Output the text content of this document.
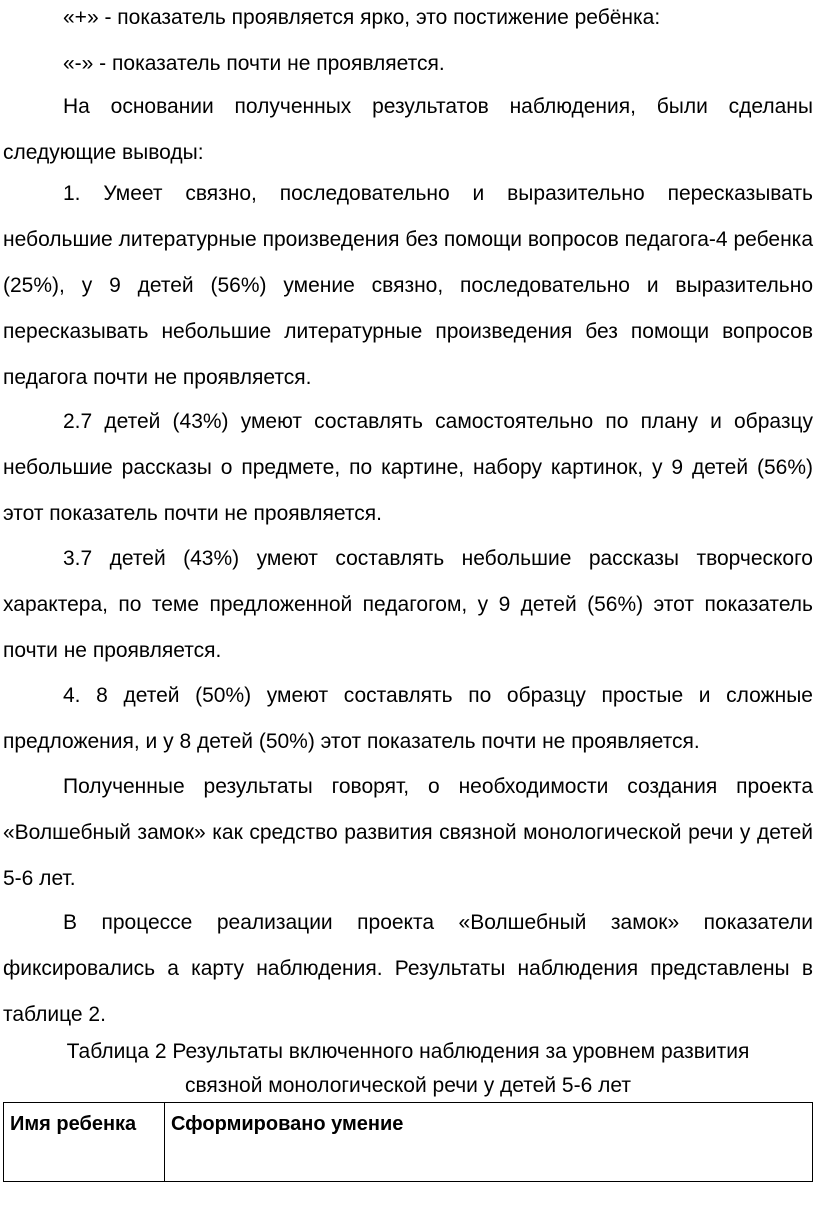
«+» - показатель проявляется ярко, это постижение ребёнка:

«-» - показатель почти не проявляется.

На основании полученных результатов наблюдения, были сделаны следующие выводы:

1. Умеет связно, последовательно и выразительно пересказывать небольшие литературные произведения без помощи вопросов педагога-4 ребенка (25%), у 9 детей (56%) умение связно, последовательно и выразительно пересказывать небольшие литературные произведения без помощи вопросов педагога почти не проявляется.

2.7 детей (43%) умеют составлять самостоятельно по плану и образцу небольшие рассказы о предмете, по картине, набору картинок, у 9 детей (56%) этот показатель почти не проявляется.

3.7 детей (43%) умеют составлять небольшие рассказы творческого характера, по теме предложенной педагогом, у 9 детей (56%) этот показатель почти не проявляется.

4. 8 детей (50%) умеют составлять по образцу простые и сложные предложения, и у 8 детей (50%) этот показатель почти не проявляется.

Полученные результаты говорят, о необходимости создания проекта «Волшебный замок» как средство развития связной монологической речи у детей 5-6 лет.

В процессе реализации проекта «Волшебный замок» показатели фиксировались а карту наблюдения. Результаты наблюдения представлены в таблице 2.

Таблица 2 Результаты включенного наблюдения за уровнем развития

связной монологической речи у детей 5-6 лет

Имя ребенка	Сформировано умение
